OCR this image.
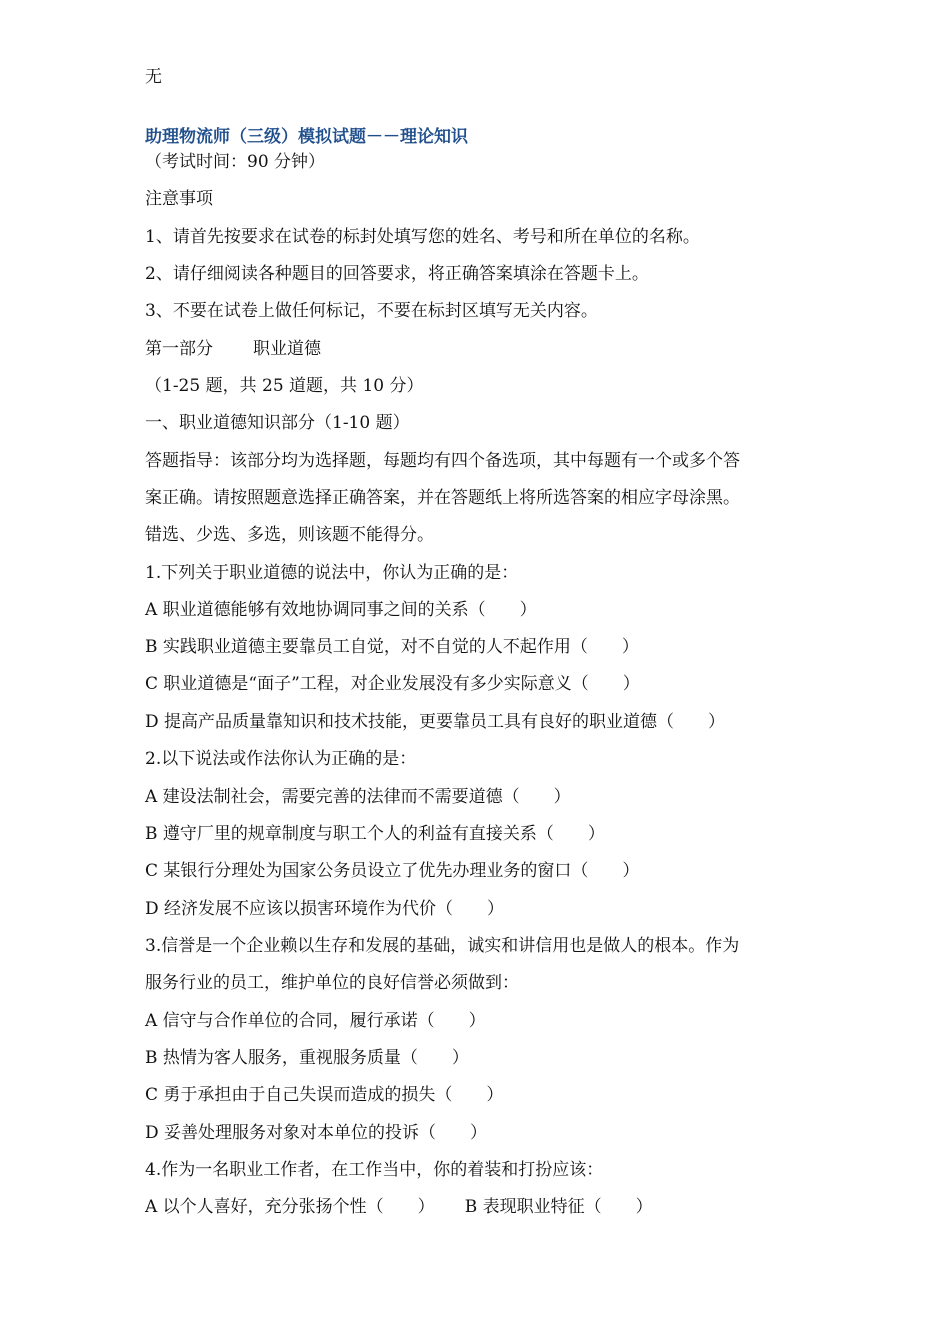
无
助理物流师（三级）模拟试题－－理论知识
（考试时间：90 分钟）
注意事项
1、请首先按要求在试卷的标封处填写您的姓名、考号和所在单位的名称。
2、请仔细阅读各种题目的回答要求，将正确答案填涂在答题卡上。
3、不要在试卷上做任何标记，不要在标封区填写无关内容。
第一部分 职业道德
（1-25 题，共 25 道题，共 10 分）
一、职业道德知识部分（1-10 题）
答题指导：该部分均为选择题，每题均有四个备选项，其中每题有一个或多个答
案正确。请按照题意选择正确答案，并在答题纸上将所选答案的相应字母涂黑。
错选、少选、多选，则该题不能得分。
1.下列关于职业道德的说法中，你认为正确的是：
A 职业道德能够有效地协调同事之间的关系（　　）
B 实践职业道德主要靠员工自觉，对不自觉的人不起作用（　　）
C 职业道德是“面子”工程，对企业发展没有多少实际意义（　　）
D 提高产品质量靠知识和技术技能，更要靠员工具有良好的职业道德（　　）
2.以下说法或作法你认为正确的是：
A 建设法制社会，需要完善的法律而不需要道德（　　）
B 遵守厂里的规章制度与职工个人的利益有直接关系（　　）
C 某银行分理处为国家公务员设立了优先办理业务的窗口（　　）
D 经济发展不应该以损害环境作为代价（　　）
3.信誉是一个企业赖以生存和发展的基础，诚实和讲信用也是做人的根本。作为
服务行业的员工，维护单位的良好信誉必须做到：
A 信守与合作单位的合同，履行承诺（　　）
B 热情为客人服务，重视服务质量（　　）
C 勇于承担由于自己失误而造成的损失（　　）
D 妥善处理服务对象对本单位的投诉（　　）
4.作为一名职业工作者，在工作当中，你的着装和打扮应该：
A 以个人喜好，充分张扬个性（　　） B 表现职业特征（　　）
